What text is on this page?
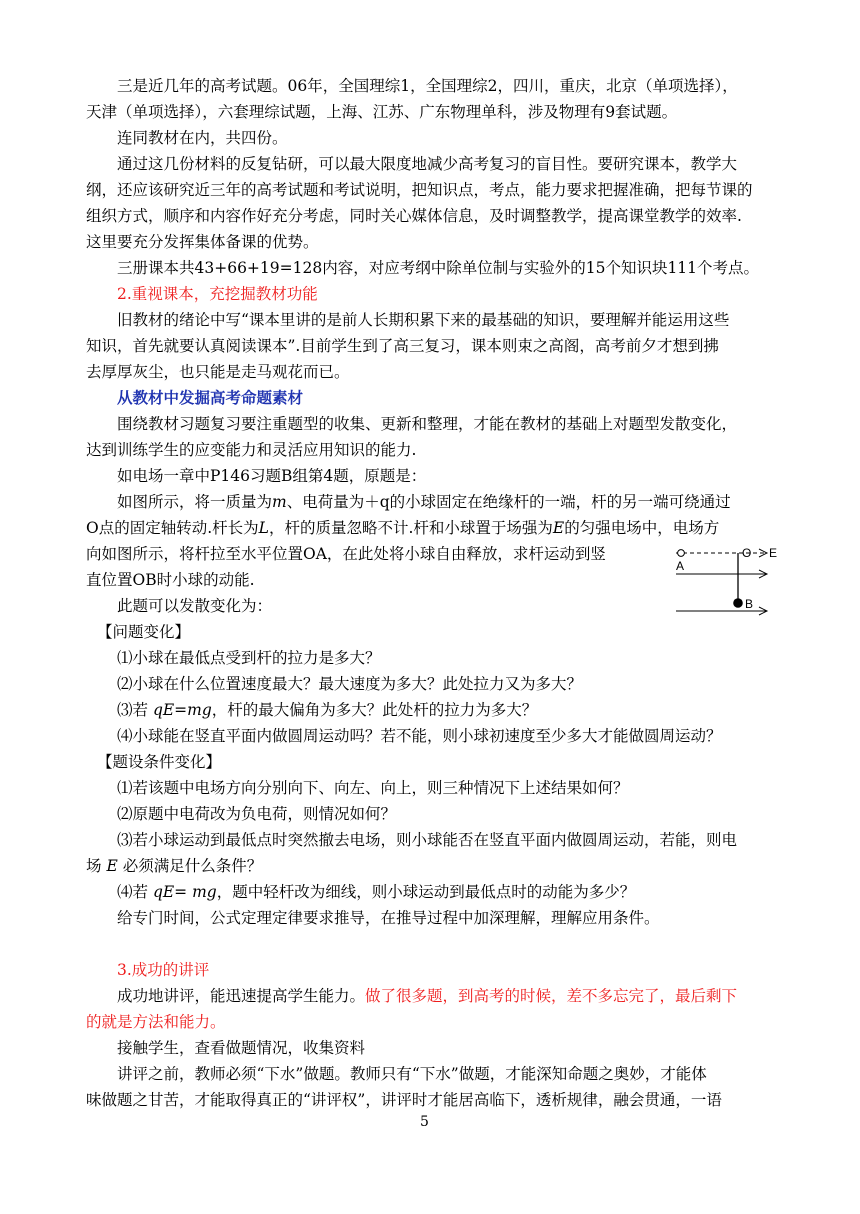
三是近几年的高考试题。06年，全国理综1，全国理综2，四川，重庆，北京（单项选择），
天津（单项选择），六套理综试题，上海、江苏、广东物理单科，涉及物理有9套试题。
连同教材在内，共四份。
通过这几份材料的反复钻研，可以最大限度地减少高考复习的盲目性。要研究课本，教学大
纲，还应该研究近三年的高考试题和考试说明，把知识点，考点，能力要求把握准确，把每节课的
组织方式，顺序和内容作好充分考虑，同时关心媒体信息，及时调整教学，提高课堂教学的效率.
这里要充分发挥集体备课的优势。
三册课本共43+66+19=128内容，对应考纲中除单位制与实验外的15个知识块111个考点。
2.重视课本，充挖掘教材功能
旧教材的绪论中写“课本里讲的是前人长期积累下来的最基础的知识，要理解并能运用这些
知识，首先就要认真阅读课本”.目前学生到了高三复习，课本则束之高阁，高考前夕才想到拂
去厚厚灰尘，也只能是走马观花而已。
从教材中发掘高考命题素材
围绕教材习题复习要注重题型的收集、更新和整理，才能在教材的基础上对题型发散变化，
达到训练学生的应变能力和灵活应用知识的能力.
如电场一章中P146习题B组第4题，原题是：
如图所示，将一质量为m、电荷量为＋q的小球固定在绝缘杆的一端，杆的另一端可绕通过
O点的固定轴转动.杆长为L，杆的质量忽略不计.杆和小球置于场强为E的匀强电场中，电场方
向如图所示，将杆拉至水平位置OA，在此处将小球自由释放，求杆运动到竖
直位置OB时小球的动能.
O E
A
B
此题可以发散变化为：
【问题变化】
⑴小球在最低点受到杆的拉力是多大？
⑵小球在什么位置速度最大？最大速度为多大？此处拉力又为多大？
⑶若 qE=mg，杆的最大偏角为多大？此处杆的拉力为多大？
⑷小球能在竖直平面内做圆周运动吗？若不能，则小球初速度至少多大才能做圆周运动？
【题设条件变化】
⑴若该题中电场方向分别向下、向左、向上，则三种情况下上述结果如何？
⑵原题中电荷改为负电荷，则情况如何？
⑶若小球运动到最低点时突然撤去电场，则小球能否在竖直平面内做圆周运动，若能，则电
场 E 必须满足什么条件？
⑷若 qE= mg，题中轻杆改为细线，则小球运动到最低点时的动能为多少？
给专门时间，公式定理定律要求推导，在推导过程中加深理解，理解应用条件。
3.成功的讲评
成功地讲评，能迅速提高学生能力。做了很多题，到高考的时候，差不多忘完了，最后剩下
的就是方法和能力。
接触学生，查看做题情况，收集资料
讲评之前，教师必须“下水”做题。教师只有“下水”做题，才能深知命题之奥妙，才能体
味做题之甘苦，才能取得真正的“讲评权”，讲评时才能居高临下，透析规律，融会贯通，一语
5
